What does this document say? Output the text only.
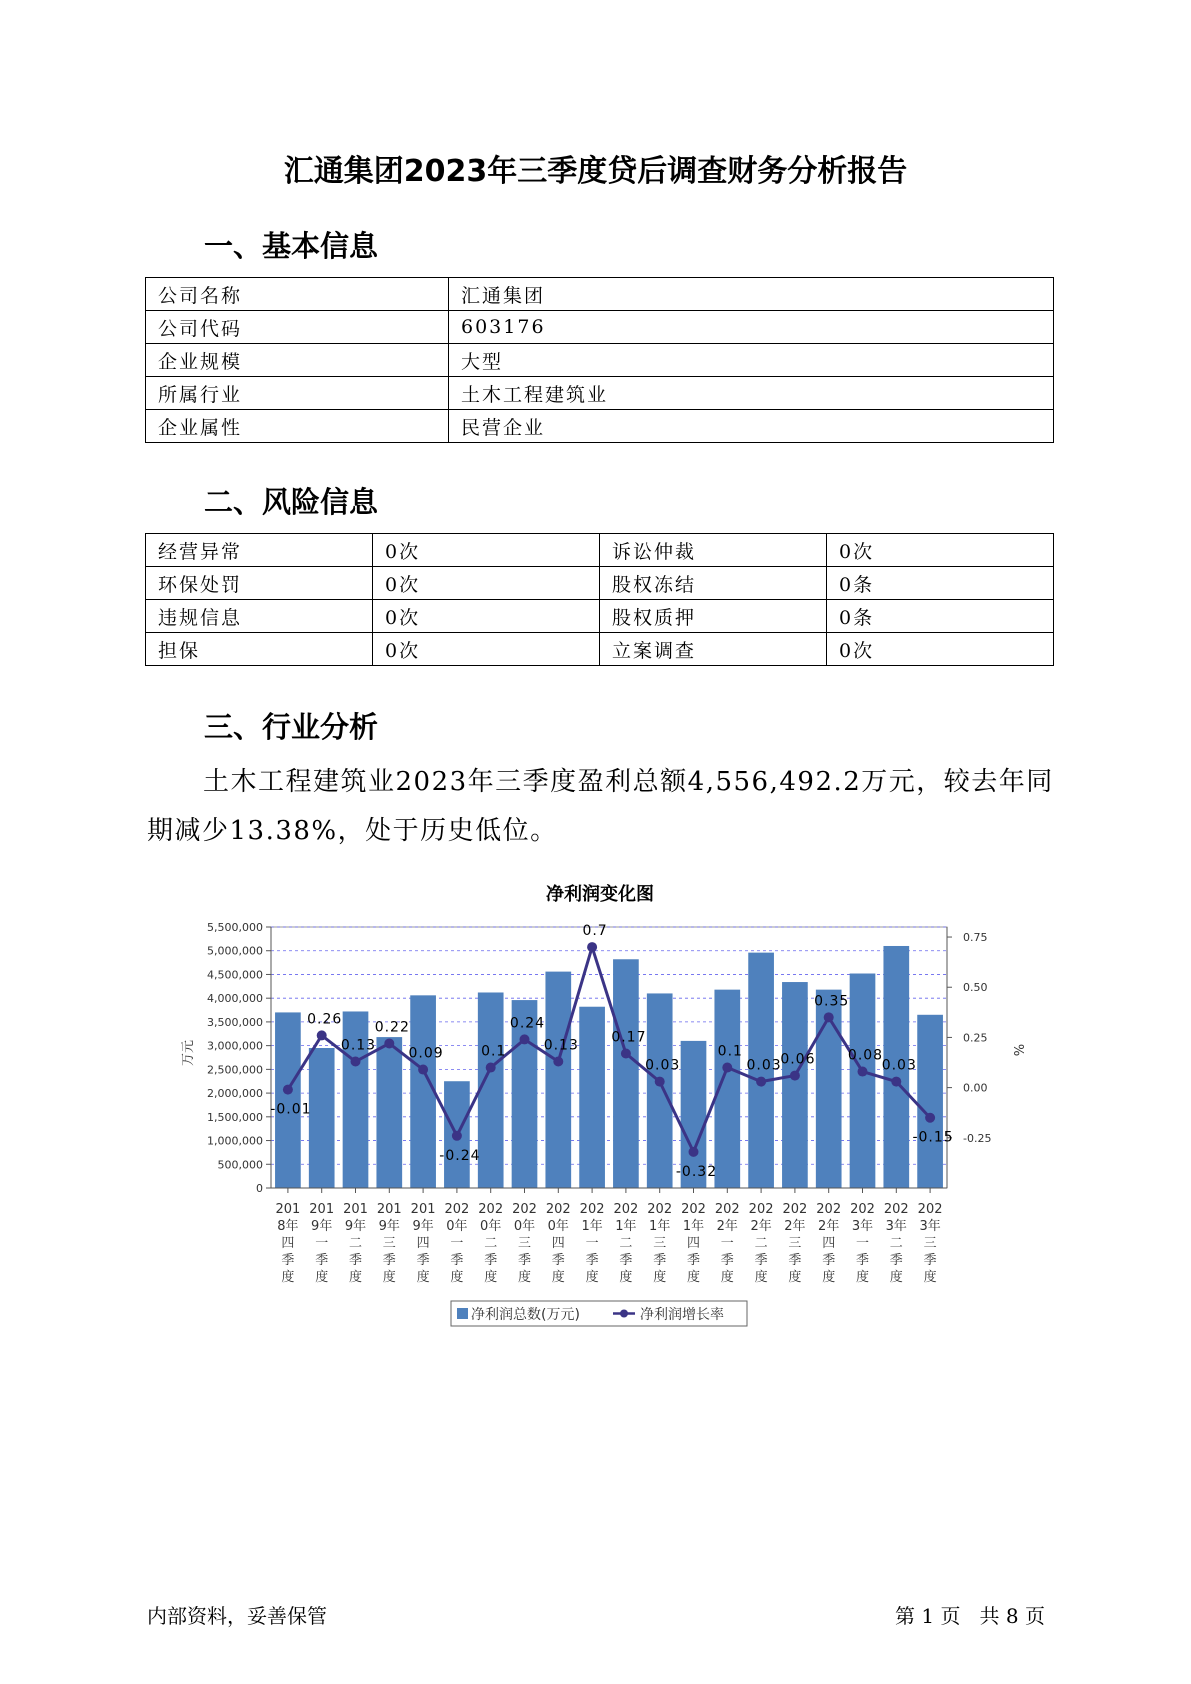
汇通集团2023年三季度贷后调查财务分析报告
一、基本信息
公司名称	汇通集团
公司代码	603176
企业规模	大型
所属行业	土木工程建筑业
企业属性	民营企业
二、风险信息
经营异常	0次	诉讼仲裁	0次
环保处罚	0次	股权冻结	0条
违规信息	0次	股权质押	0条
担保	0次	立案调查	0次
三、行业分析
土木工程建筑业2023年三季度盈利总额4,556,492.2万元，较去年同期减少13.38%，处于历史低位。
净利润变化图
0
500,000
1,000,000
1,500,000
2,000,000
2,500,000
3,000,000
3,500,000
4,000,000
4,500,000
5,000,000
5,500,000
-0.25
0.00
0.25
0.50
0.75
201 8年四季度
201 9年一季度
201 9年二季度
201 9年三季度
201 9年四季度
202 0年一季度
202 0年二季度
202 0年三季度
202 0年四季度
202 1年一季度
202 1年二季度
202 1年三季度
202 1年四季度
202 2年一季度
202 2年二季度
202 2年三季度
202 2年四季度
202 3年一季度
202 3年二季度
202 3年三季度
-0.01
0.26
0.13
0.22
0.09
-0.24
0.1
0.24
0.13
0.7
0.17
0.03
-0.32
0.1
0.03
0.06
0.35
0.08
0.03
-0.15
万元	%
净利润总数(万元)	净利润增长率
内部资料，妥善保管	第 1 页   共 8 页
